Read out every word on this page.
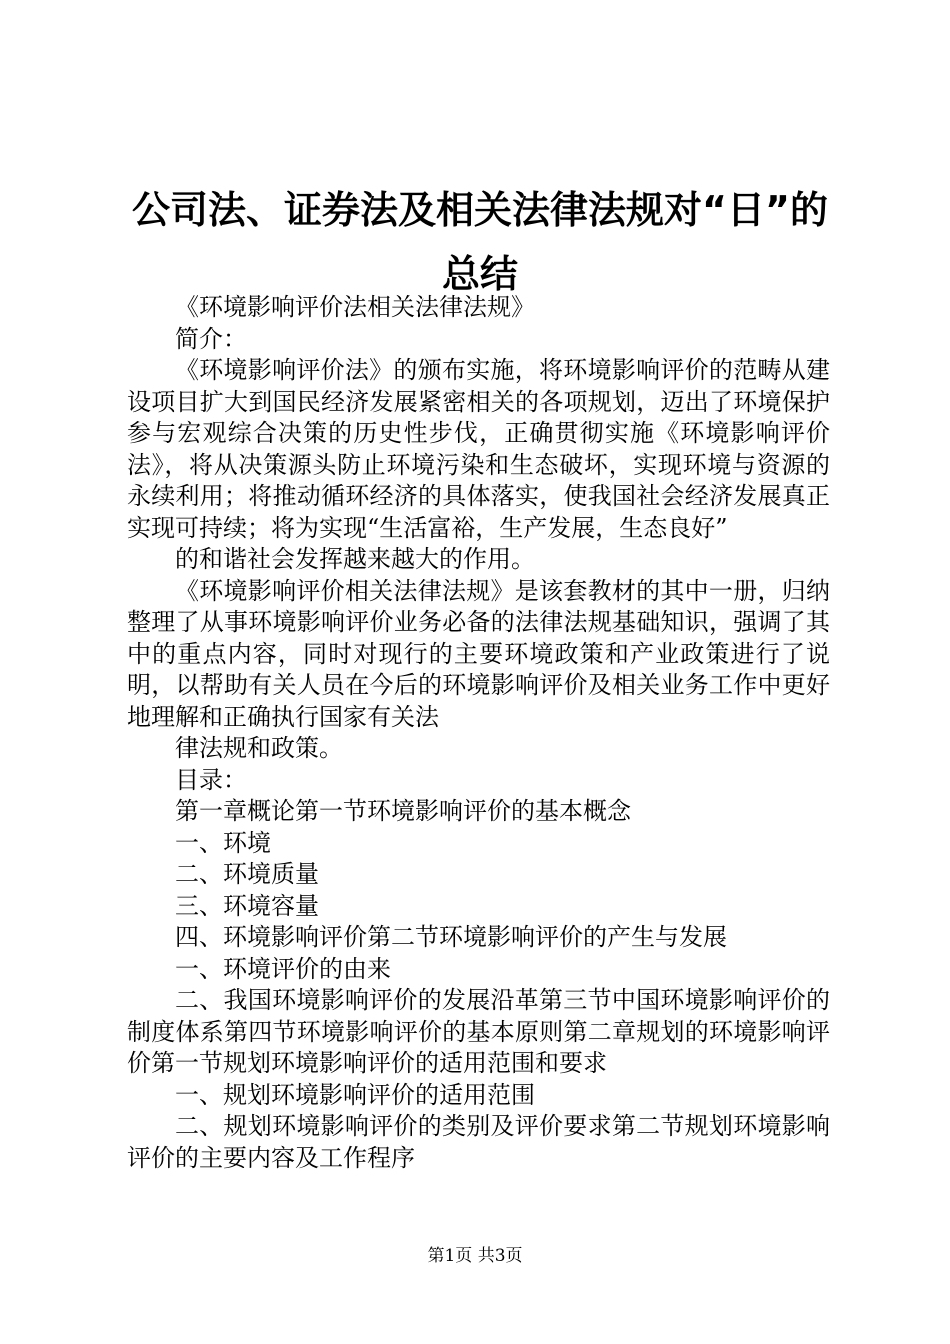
公司法、证券法及相关法律法规对“日”的总结

《环境影响评价法相关法律法规》

简介：

《环境影响评价法》的颁布实施，将环境影响评价的范畴从建设项目扩大到国民经济发展紧密相关的各项规划，迈出了环境保护参与宏观综合决策的历史性步伐，正确贯彻实施《环境影响评价法》，将从决策源头防止环境污染和生态破坏，实现环境与资源的永续利用；将推动循环经济的具体落实，使我国社会经济发展真正实现可持续；将为实现“生活富裕，生产发展，生态良好”

的和谐社会发挥越来越大的作用。

《环境影响评价相关法律法规》是该套教材的其中一册，归纳整理了从事环境影响评价业务必备的法律法规基础知识，强调了其中的重点内容，同时对现行的主要环境政策和产业政策进行了说明，以帮助有关人员在今后的环境影响评价及相关业务工作中更好地理解和正确执行国家有关法

律法规和政策。

目录：

第一章概论第一节环境影响评价的基本概念

一、环境

二、环境质量

三、环境容量

四、环境影响评价第二节环境影响评价的产生与发展

一、环境评价的由来

二、我国环境影响评价的发展沿革第三节中国环境影响评价的制度体系第四节环境影响评价的基本原则第二章规划的环境影响评价第一节规划环境影响评价的适用范围和要求

一、规划环境影响评价的适用范围

二、规划环境影响评价的类别及评价要求第二节规划环境影响评价的主要内容及工作程序

第1页 共3页
